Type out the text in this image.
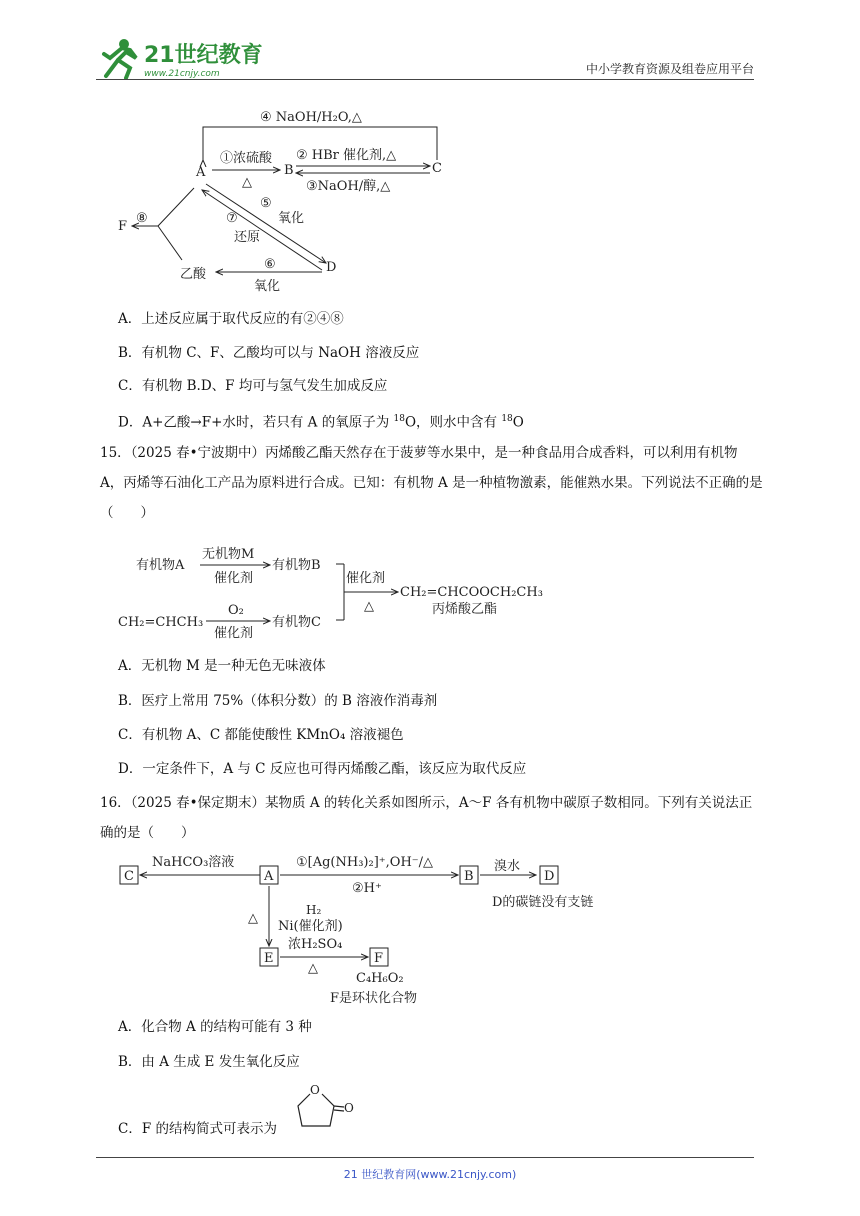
21世纪教育
www.21cnjy.com	中小学教育资源及组卷应用平台
④ NaOH/H₂O,△
A	B	C
①浓硫酸
△
② HBr 催化剂,△
③NaOH/醇,△
F
⑧
⑤
氧化
⑦
还原
D
乙酸
⑥
氧化
A．上述反应属于取代反应的有②④⑧
B．有机物 C、F、乙酸均可以与 NaOH 溶液反应
C．有机物 B.D、F 均可与氢气发生加成反应
D．A+乙酸→F+水时，若只有 A 的氧原子为 $^{18}$O，则水中含有 $^{18}$O
15．（2025 春•宁波期中）丙烯酸乙酯天然存在于菠萝等水果中，是一种食品用合成香料，可以利用有机物 A，丙烯等石油化工产品为原料进行合成。已知：有机物 A 是一种植物激素，能催熟水果。下列说法不正确的是（　　）
有机物A
无机物M
催化剂
有机物B
催化剂
△
CH₂=CHCOOCH₂CH₃
丙烯酸乙酯
CH₂=CHCH₃
O₂
催化剂
有机物C
A．无机物 M 是一种无色无味液体
B．医疗上常用 75%（体积分数）的 B 溶液作消毒剂
C．有机物 A、C 都能使酸性 KMnO₄ 溶液褪色
D．一定条件下，A 与 C 反应也可得丙烯酸乙酯，该反应为取代反应
16．（2025 春•保定期末）某物质 A 的转化关系如图所示，A～F 各有机物中碳原子数相同。下列有关说法正确的是（　　）
C
NaHCO₃溶液
A
①[Ag(NH₃)₂]⁺,OH⁻/△
②H⁺
B
溴水
D
D的碳链没有支链
△
H₂
Ni(催化剂)
E
浓H₂SO₄
△
F
C₄H₆O₂
F是环状化合物
A．化合物 A 的结构可能有 3 种
B．由 A 生成 E 发生氧化反应
C．F 的结构简式可表示为
O
O
21 世纪教育网(www.21cnjy.com)
